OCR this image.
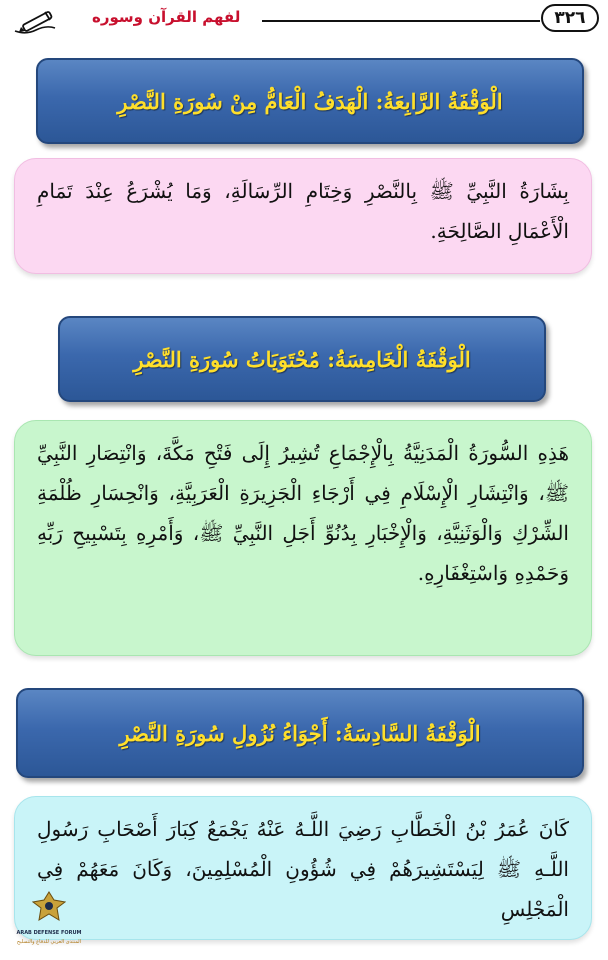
لفهم القرآن وسوره	٣٢٦
الْوَقْفَةُ الرَّابِعَةُ: الْهَدَفُ الْعَامُّ مِنْ سُورَةِ النَّصْرِ
بِشَارَةُ النَّبِيِّ ﷺ بِالنَّصْرِ وَخِتَامِ الرِّسَالَةِ، وَمَا يُشْرَعُ عِنْدَ تَمَامِ الْأَعْمَالِ الصَّالِحَةِ.
الْوَقْفَةُ الْخَامِسَةُ: مُحْتَوَيَاتُ سُورَةِ النَّصْرِ
هَذِهِ السُّورَةُ الْمَدَنِيَّةُ بِالْإِجْمَاعِ تُشِيرُ إِلَى فَتْحِ مَكَّةَ، وَانْتِصَارِ النَّبِيِّ ﷺ، وَانْتِشَارِ الْإِسْلَامِ فِي أَرْجَاءِ الْجَزِيرَةِ الْعَرَبِيَّةِ، وَانْحِسَارِ ظُلْمَةِ الشِّرْكِ وَالْوَثَنِيَّةِ، وَالْإِخْبَارِ بِدُنُوِّ أَجَلِ النَّبِيِّ ﷺ، وَأَمْرِهِ بِتَسْبِيحِ رَبِّهِ وَحَمْدِهِ وَاسْتِغْفَارِهِ.
الْوَقْفَةُ السَّادِسَةُ: أَجْوَاءُ نُزُولِ سُورَةِ النَّصْرِ
كَانَ عُمَرُ بْنُ الْخَطَّابِ رَضِيَ اللَّـهُ عَنْهُ يَجْمَعُ كِبَارَ أَصْحَابِ رَسُولِ اللَّـهِ ﷺ لِيَسْتَشِيرَهُمْ فِي شُؤُونِ الْمُسْلِمِينَ، وَكَانَ مَعَهُمْ فِي الْمَجْلِسِ
ARAB DEFENSE FORUM
المنتدى العربي للدفاع والتسليح
